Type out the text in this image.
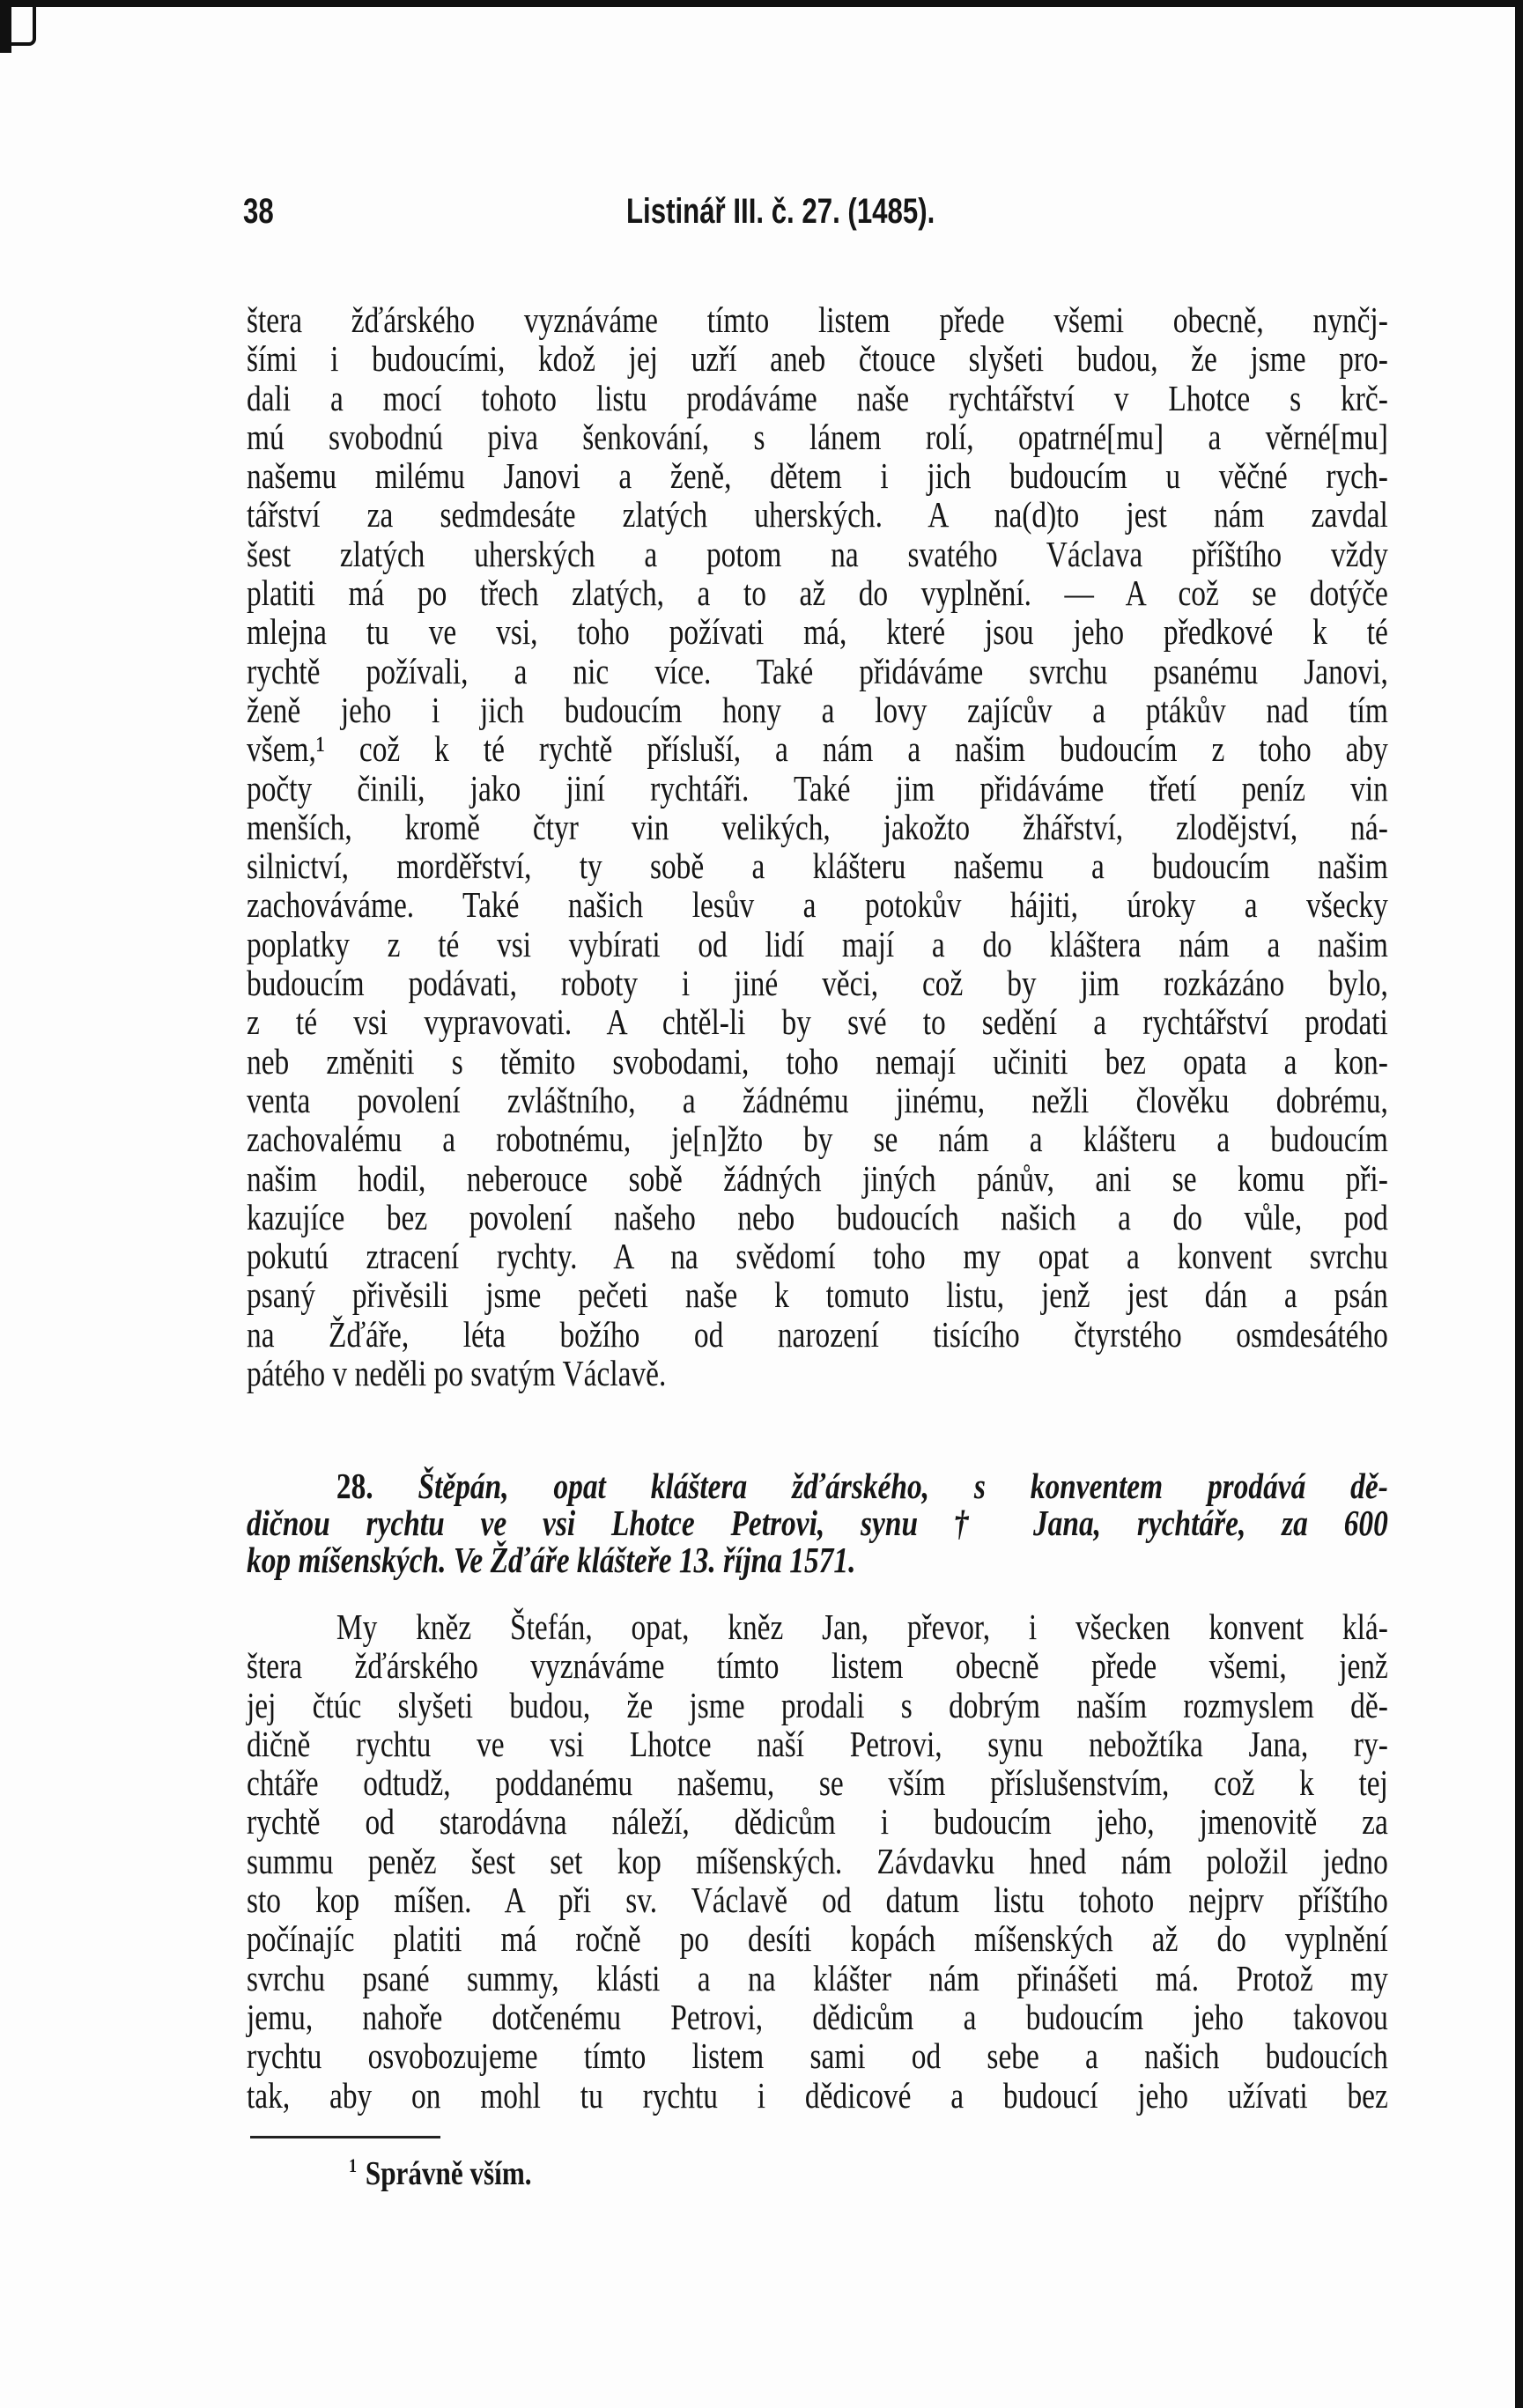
38	Listinář III. č. 27. (1485).
štera žďárského vyznáváme tímto listem přede všemi obecně, nynčj-
šími i budoucími, kdož jej uzří aneb čtouce slyšeti budou, že jsme pro-
dali a mocí tohoto listu prodáváme naše rychtářství v Lhotce s krč-
mú svobodnú piva šenkování, s lánem rolí, opatrné[mu] a věrné[mu]
našemu milému Janovi a ženě, dětem i jich budoucím u věčné rych-
tářství za sedmdesáte zlatých uherských. A na(d)to jest nám zavdal
šest zlatých uherských a potom na svatého Václava příštího vždy
platiti má po třech zlatých, a to až do vyplnění. — A což se dotýče
mlejna tu ve vsi, toho požívati má, které jsou jeho předkové k té
rychtě požívali, a nic více. Také přidáváme svrchu psanému Janovi,
ženě jeho i jich budoucím hony a lovy zajícův a ptákův nad tím
všem,¹ což k té rychtě přísluší, a nám a našim budoucím z toho aby
počty činili, jako jiní rychtáři. Také jim přidáváme třetí peníz vin
menších, kromě čtyr vin velikých, jakožto žhářství, zlodějství, ná-
silnictví, morděřství, ty sobě a klášteru našemu a budoucím našim
zachováváme. Také našich lesův a potokův hájiti, úroky a všecky
poplatky z té vsi vybírati od lidí mají a do kláštera nám a našim
budoucím podávati, roboty i jiné věci, což by jim rozkázáno bylo,
z té vsi vypravovati. A chtěl-li by své to sedění a rychtářství prodati
neb změniti s těmito svobodami, toho nemají učiniti bez opata a kon-
venta povolení zvláštního, a žádnému jinému, nežli člověku dobrému,
zachovalému a robotnému, je[n]žto by se nám a klášteru a budoucím
našim hodil, neberouce sobě žádných jiných pánův, ani se komu při-
kazujíce bez povolení našeho nebo budoucích našich a do vůle, pod
pokutú ztracení rychty. A na svědomí toho my opat a konvent svrchu
psaný přivěsili jsme pečeti naše k tomuto listu, jenž jest dán a psán
na Žďáře, léta božího od narození tisícího čtyrstého osmdesátého
pátého v neděli po svatým Václavě.
28. Štěpán, opat kláštera žďárského, s konventem prodává dě-
dičnou rychtu ve vsi Lhotce Petrovi, synu † Jana, rychtáře, za 600
kop míšenských. Ve Žďáře klášteře 13. října 1571.
My kněz Štefán, opat, kněz Jan, převor, i všecken konvent klá-
štera žďárského vyznáváme tímto listem obecně přede všemi, jenž
jej čtúc slyšeti budou, že jsme prodali s dobrým naším rozmyslem dě-
dičně rychtu ve vsi Lhotce naší Petrovi, synu nebožtíka Jana, ry-
chtáře odtudž, poddanému našemu, se vším příslušenstvím, což k tej
rychtě od starodávna náleží, dědicům i budoucím jeho, jmenovitě za
summu peněz šest set kop míšenských. Závdavku hned nám položil jedno
sto kop míšen. A při sv. Václavě od datum listu tohoto nejprv příštího
počínajíc platiti má ročně po desíti kopách míšenských až do vyplnění
svrchu psané summy, klásti a na klášter nám přinášeti má. Protož my
jemu, nahoře dotčenému Petrovi, dědicům a budoucím jeho takovou
rychtu osvobozujeme tímto listem sami od sebe a našich budoucích
tak, aby on mohl tu rychtu i dědicové a budoucí jeho užívati bez
$^1$ Správně vším.
